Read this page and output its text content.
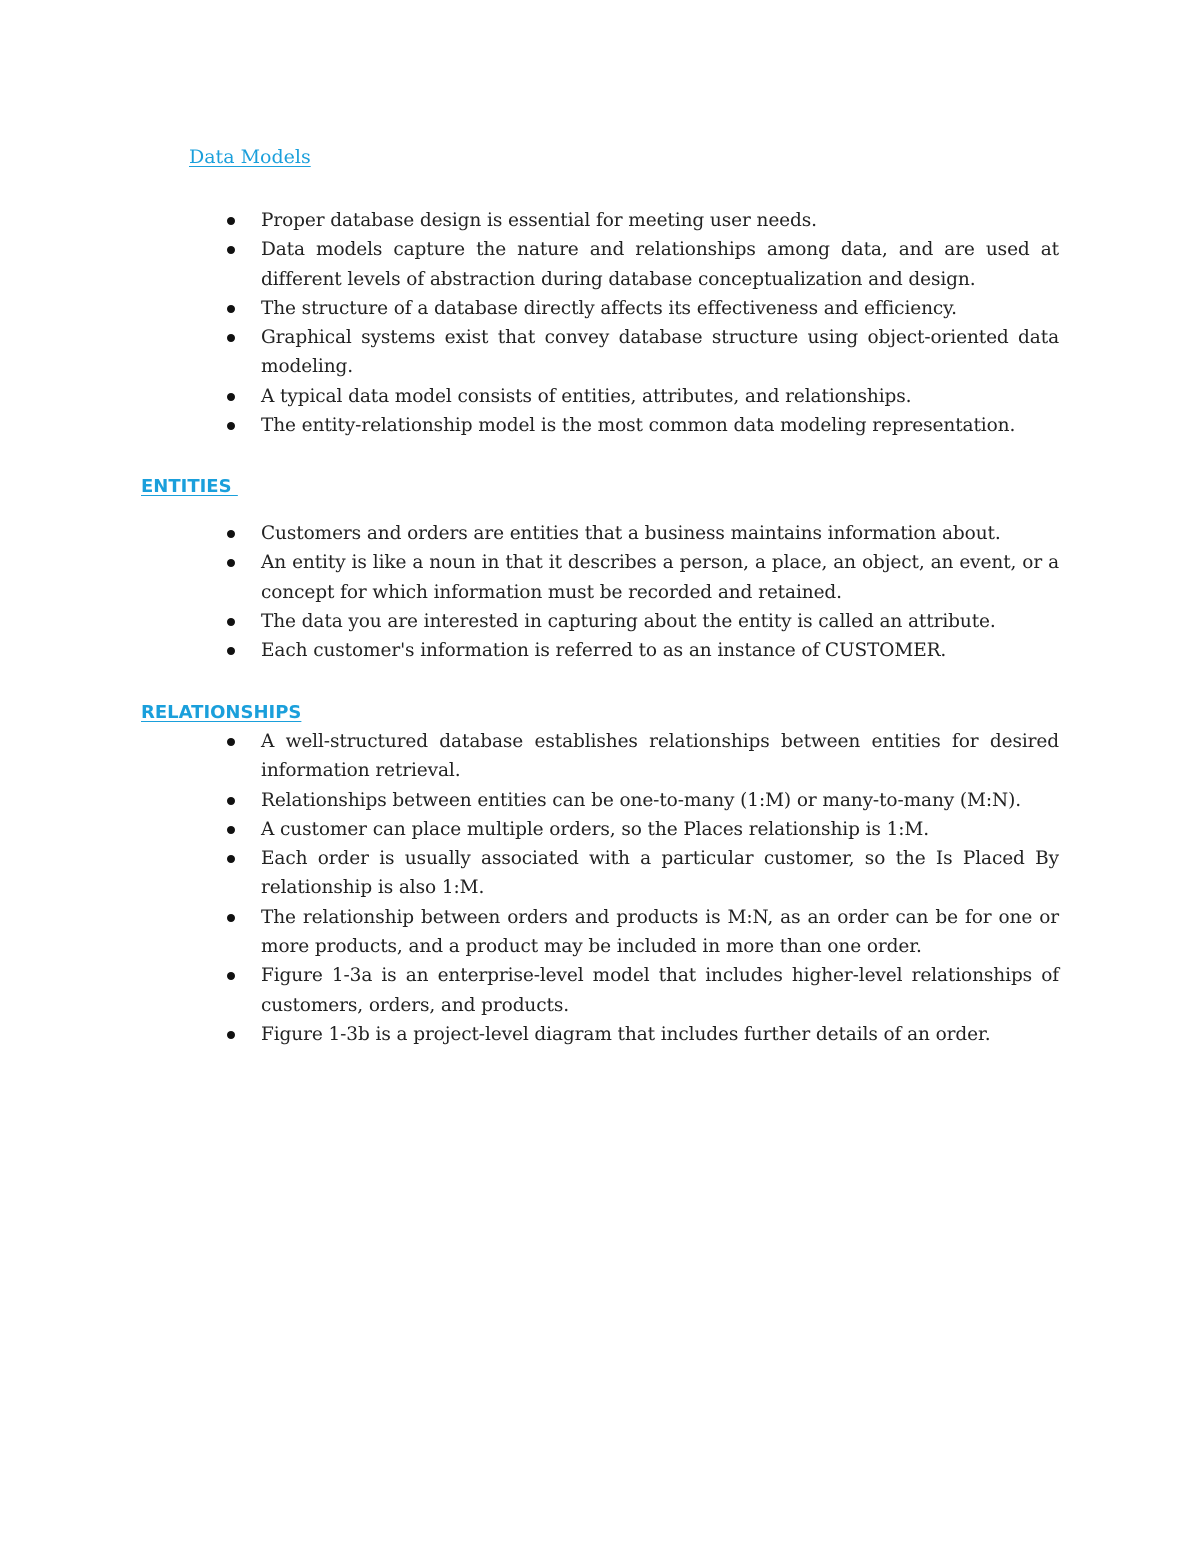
Data Models
Proper database design is essential for meeting user needs.
Data models capture the nature and relationships among data, and are used at different levels of abstraction during database conceptualization and design.
The structure of a database directly affects its effectiveness and efficiency.
Graphical systems exist that convey database structure using object-oriented data modeling.
A typical data model consists of entities, attributes, and relationships.
The entity-relationship model is the most common data modeling representation.
ENTITIES
Customers and orders are entities that a business maintains information about.
An entity is like a noun in that it describes a person, a place, an object, an event, or a concept for which information must be recorded and retained.
The data you are interested in capturing about the entity is called an attribute.
Each customer's information is referred to as an instance of CUSTOMER.
RELATIONSHIPS
A well-structured database establishes relationships between entities for desired information retrieval.
Relationships between entities can be one-to-many (1:M) or many-to-many (M:N).
A customer can place multiple orders, so the Places relationship is 1:M.
Each order is usually associated with a particular customer, so the Is Placed By relationship is also 1:M.
The relationship between orders and products is M:N, as an order can be for one or more products, and a product may be included in more than one order.
Figure 1-3a is an enterprise-level model that includes higher-level relationships of customers, orders, and products.
Figure 1-3b is a project-level diagram that includes further details of an order.
